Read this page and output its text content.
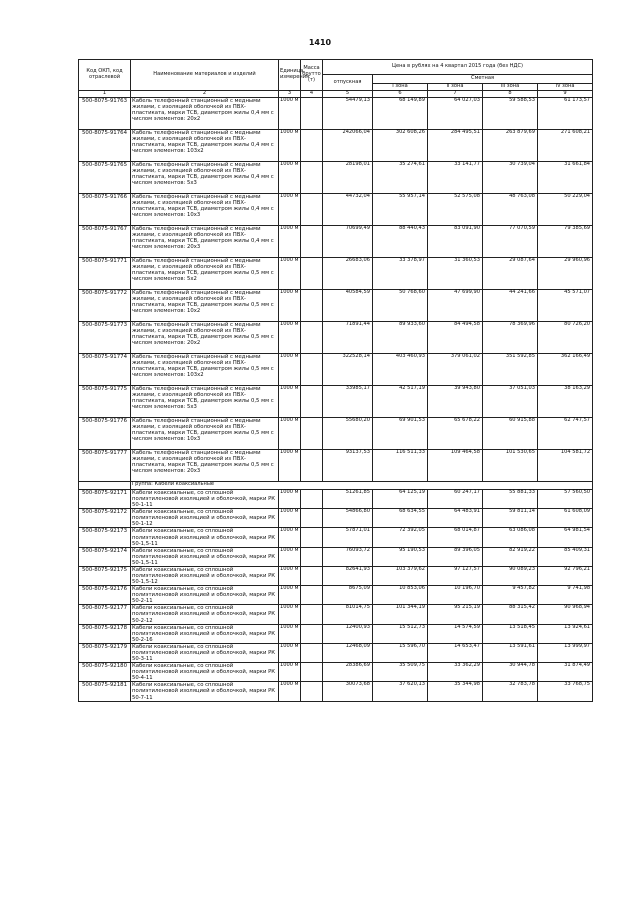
1410
Код ОКП, код отраслевой	Наименование материалов и изделий	Единица измерения	Масса брутто (т)	Цена в рублях на 4 квартал 2015 года (без НДС)				
				отпускная	Сметная			
					I зона	II зона	III зона	IV зона
1	2	3	4	5	6	7	8	9
500-8075-91763	Кабель телефонный станционный с медными жилами, с изоляцией оболочкой из ПВХ-пластиката, марки ТСВ, диаметром жилы 0,4 мм с числом элементов: 20х2	1000 м		54479,13	68 149,89	64 027,03	59 588,53	61 173,57
500-8075-91764	Кабель телефонный станционный с медными жилами, с изоляцией оболочкой из ПВХ-пластиката, марки ТСВ, диаметром жилы 0,4 мм с числом элементов: 103х2	1000 м		242066,04	302 608,26	284 495,51	263 879,69	271 608,21
500-8075-91765	Кабель телефонный станционный с медными жилами, с изоляцией оболочкой из ПВХ-пластиката, марки ТСВ, диаметром жилы 0,4 мм с числом элементов: 5х3	1000 м		28198,01	35 274,61	33 141,77	30 739,04	31 661,84
500-8075-91766	Кабель телефонный станционный с медными жилами, с изоляцией оболочкой из ПВХ-пластиката, марки ТСВ, диаметром жилы 0,4 мм с числом элементов: 10х3	1000 м		44732,04	55 957,14	52 575,08	48 763,08	50 229,04
500-8075-91767	Кабель телефонный станционный с медными жилами, с изоляцией оболочкой из ПВХ-пластиката, марки ТСВ, диаметром жилы 0,4 мм с числом элементов: 20х3	1000 м		70699,49	88 440,43	83 091,90	77 070,59	79 385,69
500-8075-91771	Кабель телефонный станционный с медными жилами, с изоляцией оболочкой из ПВХ-пластиката, марки ТСВ, диаметром жилы 0,5 мм с числом элементов: 5х2	1000 м		26683,06	33 378,97	31 360,53	29 087,64	29 960,96
500-8075-91772	Кабель телефонный станционный с медными жилами, с изоляцией оболочкой из ПВХ-пластиката, марки ТСВ, диаметром жилы 0,5 мм с числом элементов: 10х2	1000 м		40584,59	50 768,60	47 699,90	44 241,66	45 571,07
500-8075-91773	Кабель телефонный станционный с медными жилами, с изоляцией оболочкой из ПВХ-пластиката, марки ТСВ, диаметром жилы 0,5 мм с числом элементов: 20х2	1000 м		71891,44	89 933,60	84 494,58	78 369,96	80 726,20
500-8075-91774	Кабель телефонный станционный с медными жилами, с изоляцией оболочкой из ПВХ-пластиката, марки ТСВ, диаметром жилы 0,5 мм с числом элементов: 103х2	1000 м		322528,14	403 460,93	379 061,02	351 592,85	362 166,49
500-8075-91775	Кабель телефонный станционный с медными жилами, с изоляцией оболочкой из ПВХ-пластиката, марки ТСВ, диаметром жилы 0,5 мм с числом элементов: 5х3	1000 м		33985,17	42 517,19	39 943,80	37 051,03	38 163,29
500-8075-91776	Кабель телефонный станционный с медными жилами, с изоляцией оболочкой из ПВХ-пластиката, марки ТСВ, диаметром жилы 0,5 мм с числом элементов: 10х3	1000 м		55680,20	69 901,53	65 678,22	60 915,88	62 747,57
500-8075-91777	Кабель телефонный станционный с медными жилами, с изоляцией оболочкой из ПВХ-пластиката, марки ТСВ, диаметром жилы 0,5 мм с числом элементов: 20х3	1000 м		93137,53	116 511,33	109 464,58	101 530,65	104 581,72
	Группа: Кабели коаксиальные							
500-8075-92171	Кабели коаксиальные, со сплошной полиэтиленовой изоляцией и оболочкой, марки РК 50-1-11	1000 м		51261,85	64 125,19	60 247,17	55 881,33	57 560,50
500-8075-92172	Кабели коаксиальные, со сплошной полиэтиленовой изоляцией и оболочкой, марки РК 50-1-12	1000 м		54866,80	68 634,55	64 483,91	59 811,14	61 608,09
500-8075-92173	Кабели коаксиальные, со сплошной полиэтиленовой изоляцией и оболочкой, марки РК 50-1,5-11	1000 м		57871,01	72 392,05	68 014,87	63 086,08	64 981,54
500-8075-92174	Кабели коаксиальные, со сплошной полиэтиленовой изоляцией и оболочкой, марки РК 50-1,5-11	1000 м		76093,72	95 190,53	89 396,05	82 919,22	85 409,31
500-8075-92175	Кабели коаксиальные, со сплошной полиэтиленовой изоляцией и оболочкой, марки РК 50-1,5-12	1000 м		82641,93	103 379,62	97 127,57	90 089,23	92 796,21
500-8075-92176	Кабели коаксиальные, со сплошной полиэтиленовой изоляцией и оболочкой, марки РК 50-2-11	1000 м		8675,09	10 853,06	10 196,70	9 457,82	9 741,98
500-8075-92177	Кабели коаксиальные, со сплошной полиэтиленовой изоляцией и оболочкой, марки РК 50-2-12	1000 м		81014,75	101 344,19	95 215,19	88 315,42	90 968,94
500-8075-92178	Кабели коаксиальные, со сплошной полиэтиленовой изоляцией и оболочкой, марки РК 50-2-16	1000 м		12400,93	15 512,73	14 574,59	13 518,45	13 924,61
500-8075-92179	Кабели коаксиальные, со сплошной полиэтиленовой изоляцией и оболочкой, марки РК 50-3-11	1000 м		12468,09	15 596,70	14 653,47	13 591,61	13 999,97
500-8075-92180	Кабели коаксиальные, со сплошной полиэтиленовой изоляцией и оболочкой, марки РК 50-4-11	1000 м		28386,69	35 509,75	33 362,29	30 944,78	31 874,49
500-8075-92181	Кабели коаксиальные, со сплошной полиэтиленовой изоляцией и оболочкой, марки РК 50-7-11	1000 м		30073,68	37 620,13	35 344,98	32 783,78	33 768,75
